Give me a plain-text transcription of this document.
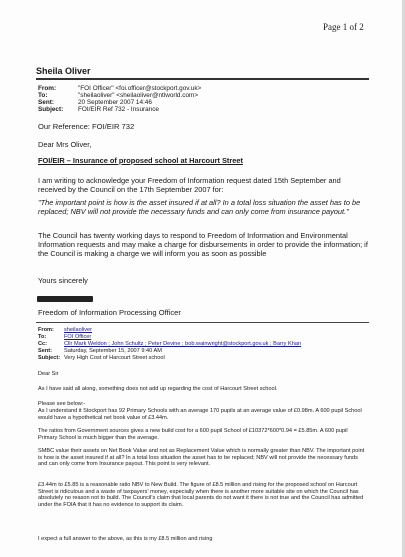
Page 1 of 2
Sheila Oliver
From:	"FOI Officer" <foi.officer@stockport.gov.uk>
To:	"sheilaoliver" <sheilaoliver@ntlworld.com>
Sent:	20 September 2007 14:46
Subject: FOI/EIR Ref 732 - Insurance
Our Reference: FOI/EIR 732
Dear Mrs Oliver,
FOI/EIR – Insurance of proposed school at Harcourt Street
I am writing to acknowledge your Freedom of Information request dated 15th September and received by the Council on the 17th September 2007 for:
"The important point is how is the asset insured if at all? In a total loss situation the asset has to be replaced; NBV will not provide the necessary funds and can only come from insurance payout."
The Council has twenty working days to respond to Freedom of Information and Environmental Information requests and may make a charge for disbursements in order to provide the information; if the Council is making a charge we will inform you as soon as possible
Yours sincerely
Freedom of Information Processing Officer
From: sheilaoliver
To:	FOI Officer
Cc:	Cllr Mark Weldon ; John Schultz ; Peter Devine ; bob.wainwright@stockport.gov.uk ; Barry Khan
Sent: Saturday, September 15, 2007 9:40 AM
Subject: Very High Cost of Harcourt Street school
Dear Sir
As I have said all along, something does not add up regarding the cost of Harcourt Street school.
Please see below:-
As I understand it Stockport has 92 Primary Schools with an average 170 pupils at an average value of £0.98m. A 600 pupil School would have a hypothetical net book value of £3.44m.
The ratios from Government sources gives a new build cost for a 600 pupil School of £10372*600*0.94 = £5.85m. A 600 pupil Primary School is much bigger than the average.
SMBC value their assets on Net Book Value and not as Replacement Value which is normally greater than NBV. The important point is how is the asset insured if at all? In a total loss situation the asset has to be replaced; NBV will not provide the necessary funds and can only come from Insurance payout. This point is very relevant.
£3.44m to £5.85 is a reasonable ratio NBV to New Build. The figure of £8.5 million and rising for the proposed school on Harcourt Street is ridiculous and a waste of taxpayers' money, especially when there is another more suitable site on which the Council has absolutely no reason not to build. The Council's claim that local parents do not want it there is not true and the Council has admitted under the FOIA that it has no evidence to support its claim.
I expect a full answer to the above, as this is my £8.5 million and rising
